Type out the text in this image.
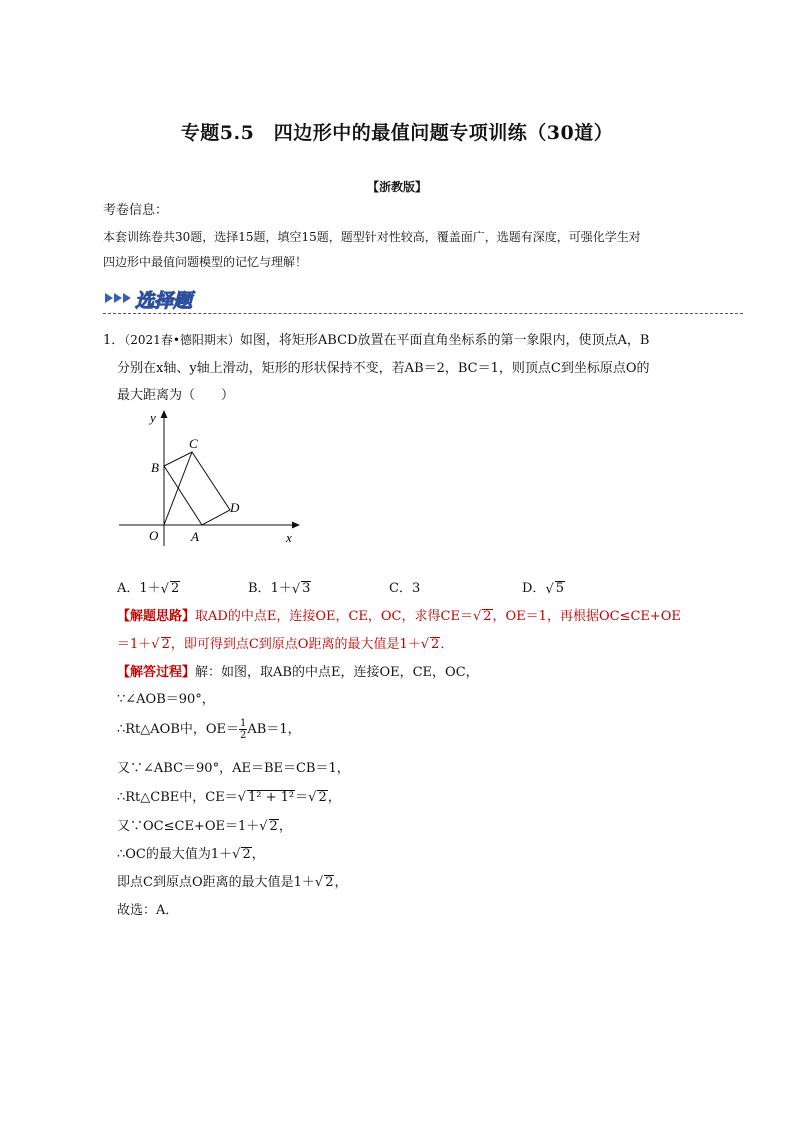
专题5.5　四边形中的最值问题专项训练（30道）
【浙教版】
考卷信息：
本套训练卷共30题，选择15题，填空15题，题型针对性较高，覆盖面广，选题有深度，可强化学生对
四边形中最值问题模型的记忆与理解！
选择题
1．（2021春•德阳期末）如图，将矩形ABCD放置在平面直角坐标系的第一象限内，使顶点A，B
分别在x轴、y轴上滑动，矩形的形状保持不变，若AB＝2，BC＝1，则顶点C到坐标原点O的
最大距离为（　　）
y
x
O	A
B
C
D
A．1＋√ 2	B．1＋√ 3	C．3	D．√ 5
【解题思路】取AD的中点E，连接OE，CE，OC，求得CE＝√ 2，OE＝1，再根据OC≤CE+OE
＝1＋√ 2，即可得到点C到原点O距离的最大值是1＋√ 2．
【解答过程】解：如图，取AB的中点E，连接OE，CE，OC，
∵∠AOB＝90°，
∴Rt△AOB中，$OE= \frac{1}{2} AB=1$，
又∵∠ABC＝90°，AE＝BE＝CB＝1，
∴Rt△CBE中，CE＝√ 1² + 1²＝√ 2，
又∵OC≤CE+OE＝1＋√ 2，
∴OC的最大值为1＋√ 2，
即点C到原点O距离的最大值是1＋√ 2，
故选：A．
